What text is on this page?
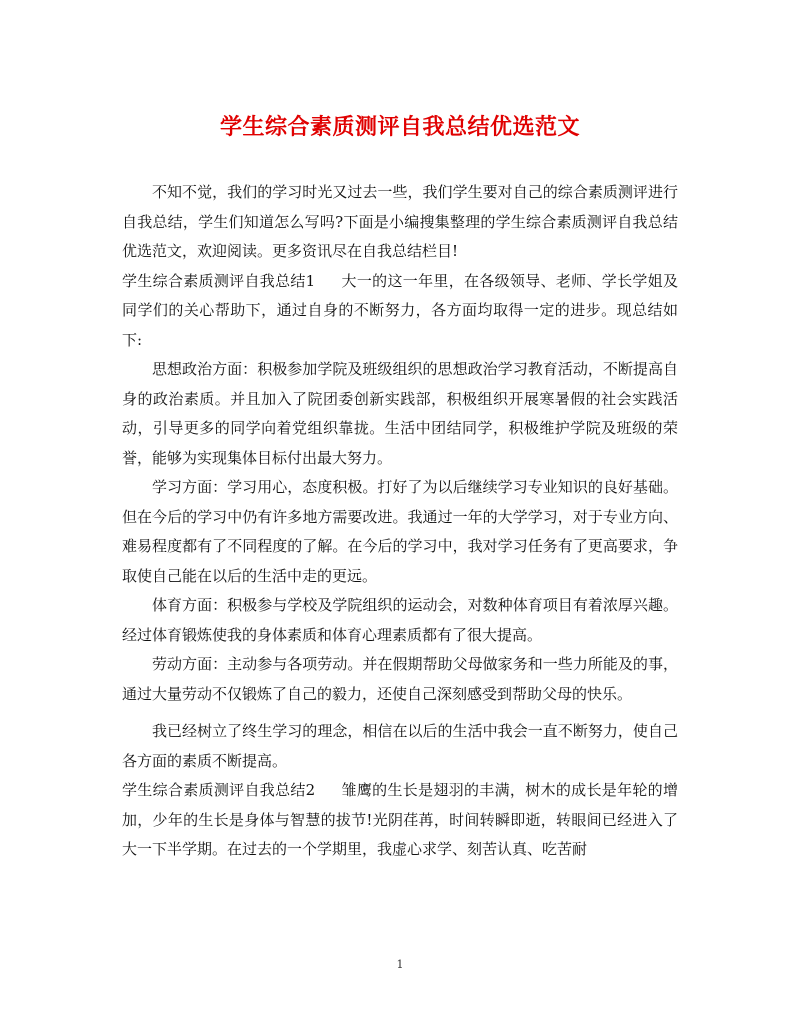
学生综合素质测评自我总结优选范文

不知不觉，我们的学习时光又过去一些，我们学生要对自己的综合素质测评进行自我总结，学生们知道怎么写吗?下面是小编搜集整理的学生综合素质测评自我总结优选范文，欢迎阅读。更多资讯尽在自我总结栏目!

学生综合素质测评自我总结1 大一的这一年里，在各级领导、老师、学长学姐及同学们的关心帮助下，通过自身的不断努力，各方面均取得一定的进步。现总结如下:

思想政治方面：积极参加学院及班级组织的思想政治学习教育活动，不断提高自身的政治素质。并且加入了院团委创新实践部，积极组织开展寒暑假的社会实践活动，引导更多的同学向着党组织靠拢。生活中团结同学，积极维护学院及班级的荣誉，能够为实现集体目标付出最大努力。

学习方面：学习用心，态度积极。打好了为以后继续学习专业知识的良好基础。但在今后的学习中仍有许多地方需要改进。我通过一年的大学学习，对于专业方向、难易程度都有了不同程度的了解。在今后的学习中，我对学习任务有了更高要求，争取使自己能在以后的生活中走的更远。

体育方面：积极参与学校及学院组织的运动会，对数种体育项目有着浓厚兴趣。经过体育锻炼使我的身体素质和体育心理素质都有了很大提高。

劳动方面：主动参与各项劳动。并在假期帮助父母做家务和一些力所能及的事，通过大量劳动不仅锻炼了自己的毅力，还使自己深刻感受到帮助父母的快乐。

我已经树立了终生学习的理念，相信在以后的生活中我会一直不断努力，使自己各方面的素质不断提高。

学生综合素质测评自我总结2 雏鹰的生长是翅羽的丰满，树木的成长是年轮的增加，少年的生长是身体与智慧的拔节!光阴荏苒，时间转瞬即逝，转眼间已经进入了大一下半学期。在过去的一个学期里，我虚心求学、刻苦认真、吃苦耐

1
